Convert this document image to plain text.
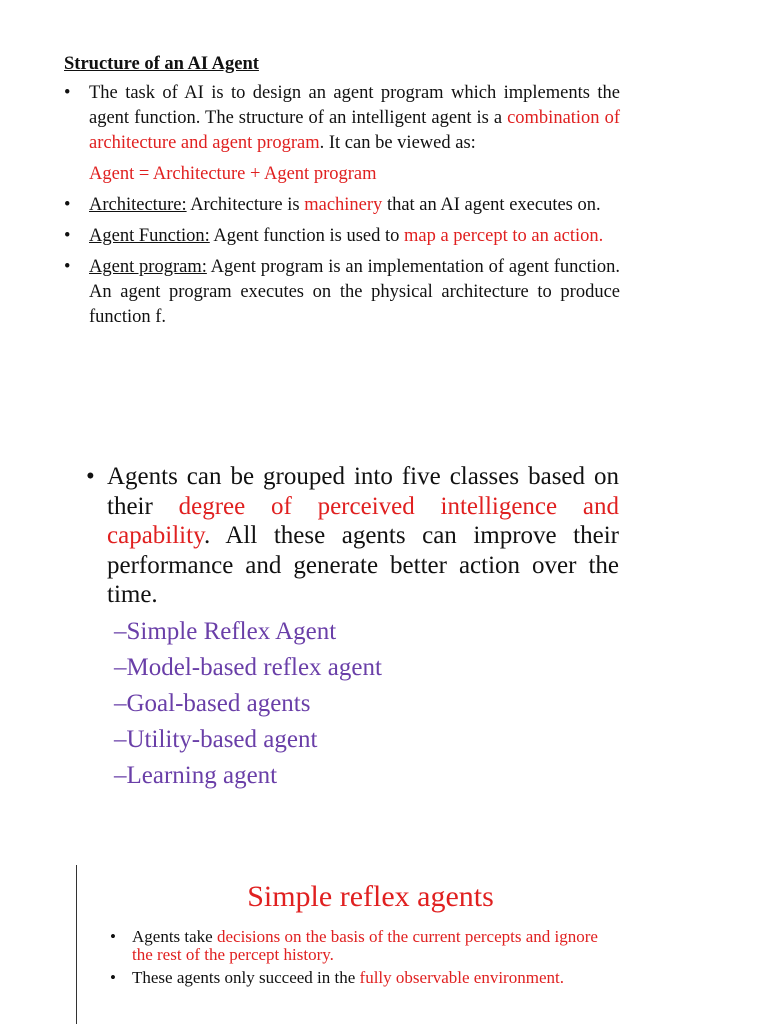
Structure of an AI Agent
• The task of AI is to design an agent program which implements the agent function. The structure of an intelligent agent is a combination of architecture and agent program. It can be viewed as:
Agent = Architecture + Agent program
• Architecture: Architecture is machinery that an AI agent executes on.
• Agent Function: Agent function is used to map a percept to an action.
• Agent program: Agent program is an implementation of agent function. An agent program executes on the physical architecture to produce function f.
• Agents can be grouped into five classes based on their degree of perceived intelligence and capability. All these agents can improve their performance and generate better action over the time.
–Simple Reflex Agent
–Model-based reflex agent
–Goal-based agents
–Utility-based agent
–Learning agent
Simple reflex agents
• Agents take decisions on the basis of the current percepts and ignore the rest of the percept history.
• These agents only succeed in the fully observable environment.
